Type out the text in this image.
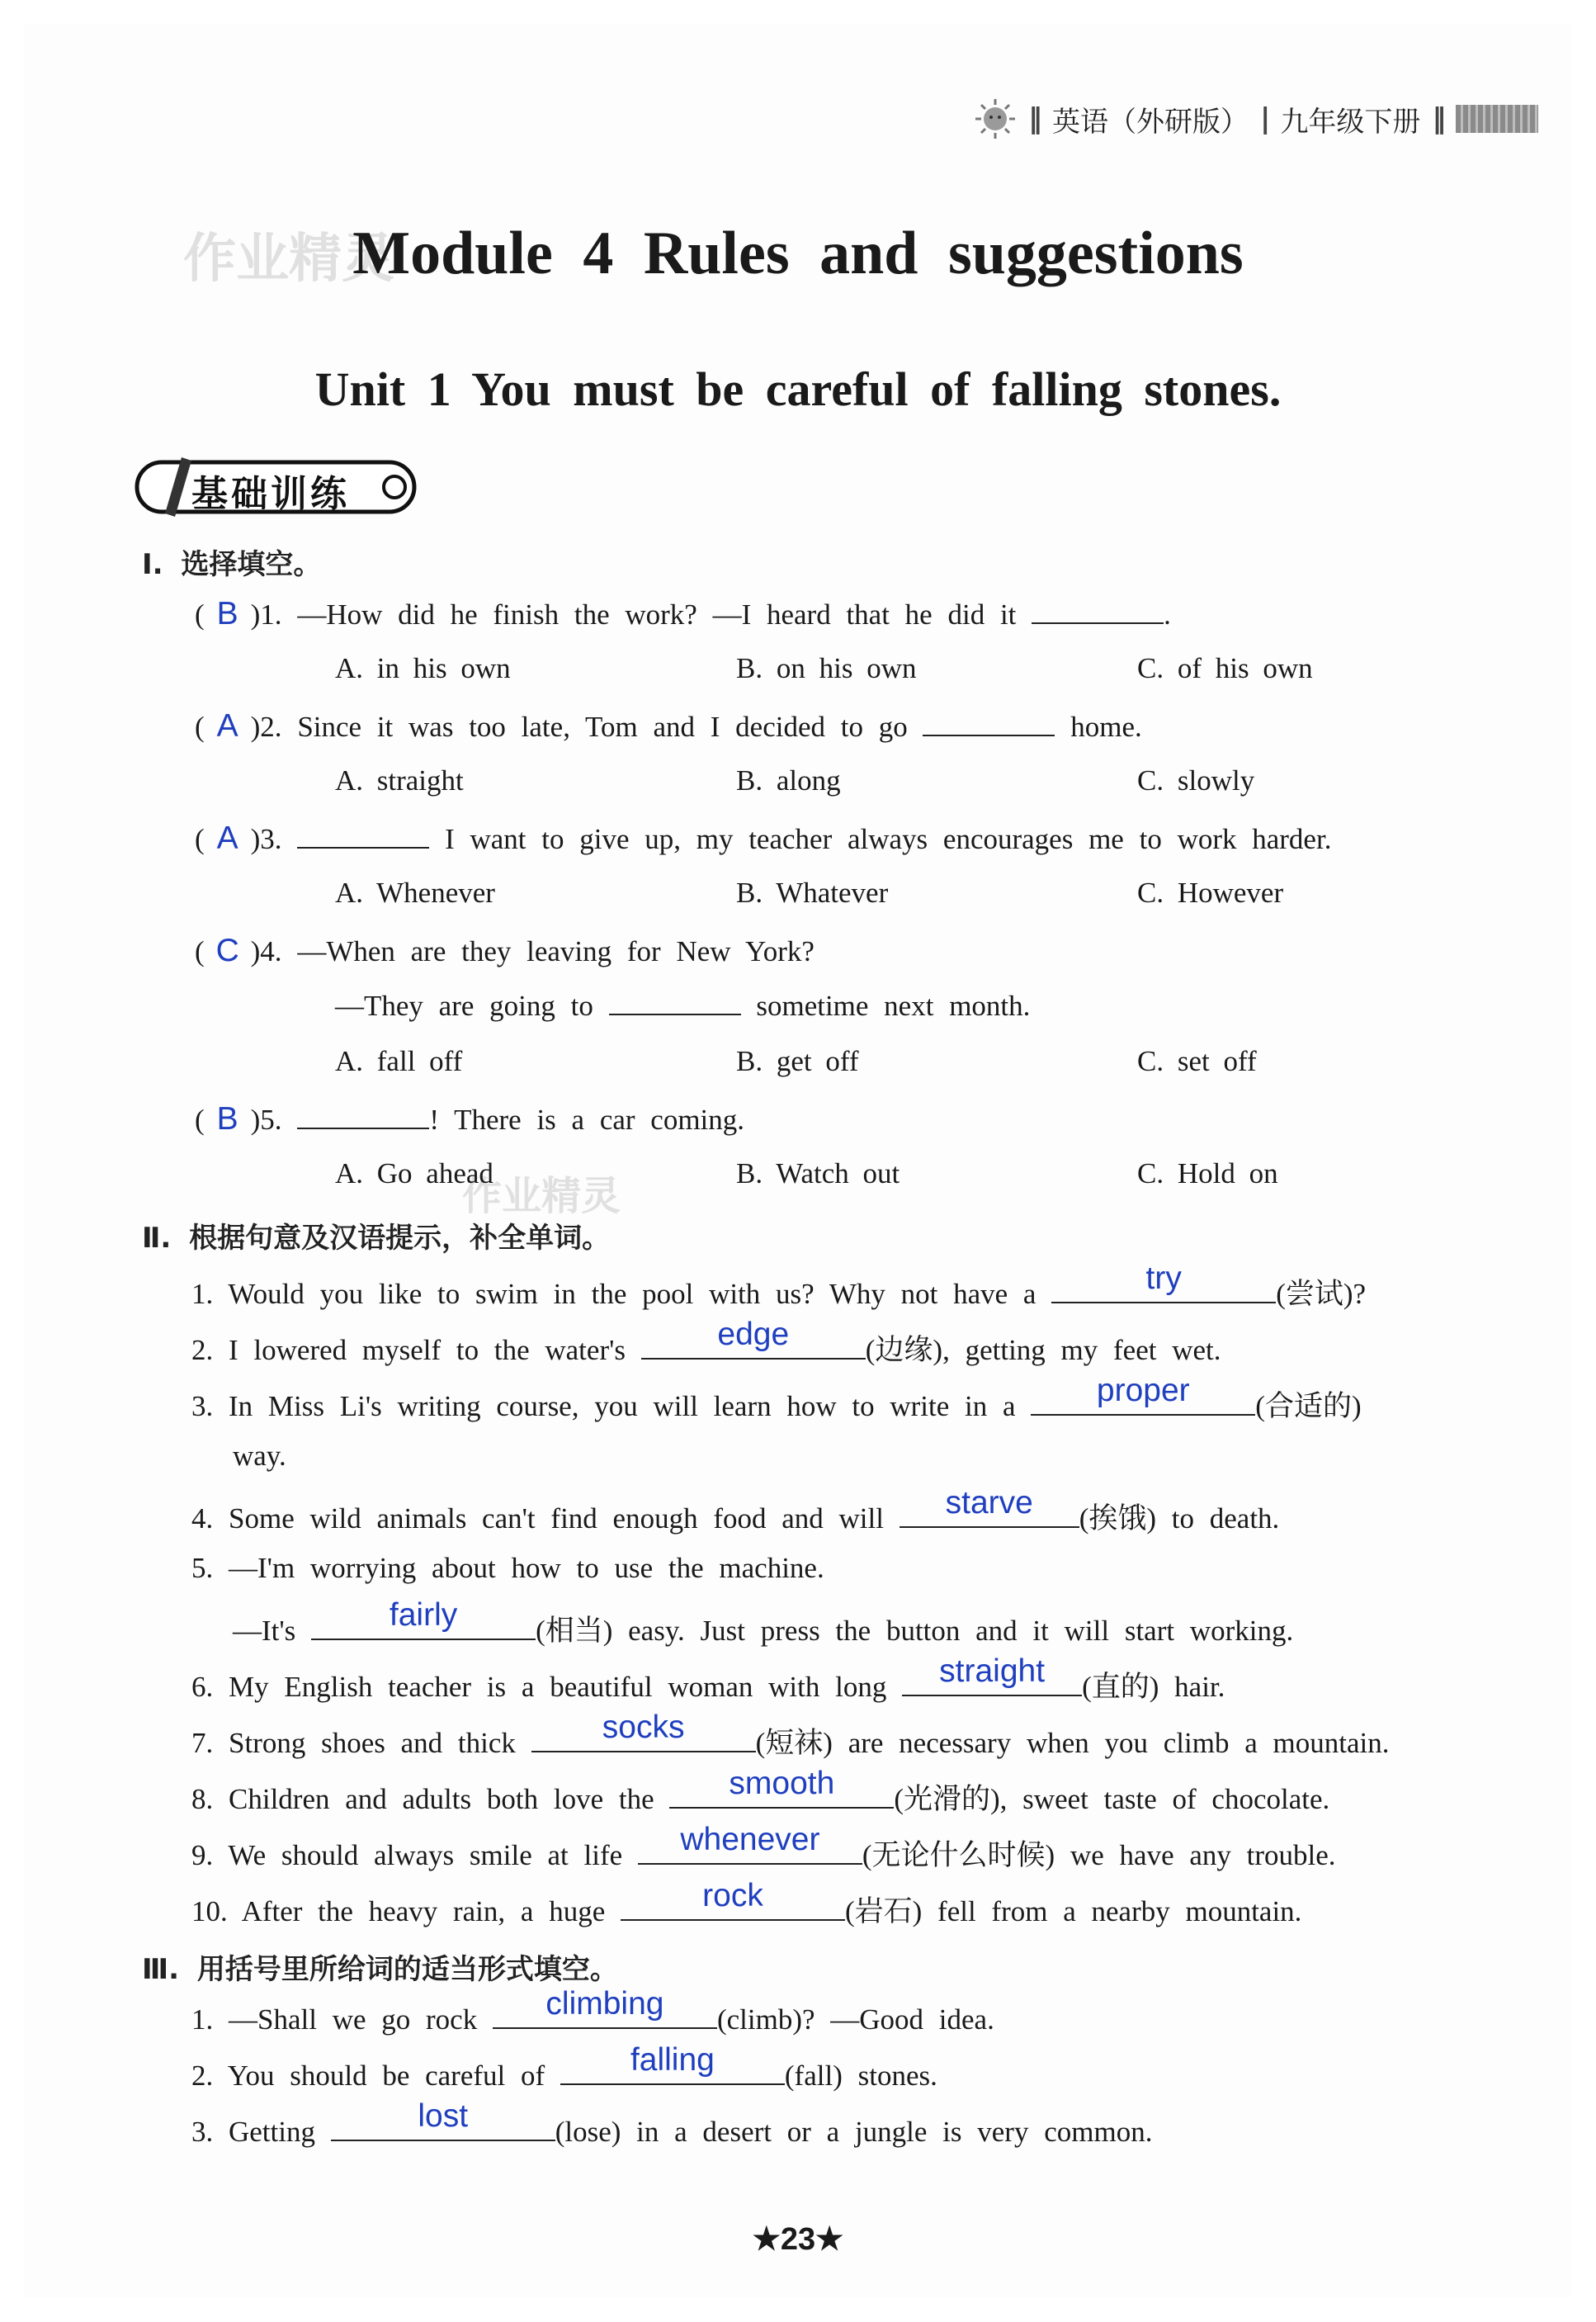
‖ 英语（外研版） | 九年级下册 ‖
作业精灵
作业精灵
Module 4 Rules and suggestions
Unit 1 You must be careful of falling stones.
基础训练
Ⅰ. 选择填空。
( B )1. —How did he finish the work? —I heard that he did it	.
A. in his own	B. on his own	C. of his own
( A )2. Since it was too late, Tom and I decided to go	home.
A. straight	B. along	C. slowly
( A )3.	I want to give up, my teacher always encourages me to work harder.
A. Whenever	B. Whatever	C. However
( C )4. —When are they leaving for New York?
—They are going to	sometime next month.
A. fall off	B. get off	C. set off
( B )5.	! There is a car coming.
A. Go ahead	B. Watch out	C. Hold on
Ⅱ. 根据句意及汉语提示，补全单词。
1. Would you like to swim in the pool with us? Why not have a	try	(尝试)?
2. I lowered myself to the water's	edge	(边缘), getting my feet wet.
3. In Miss Li's writing course, you will learn how to write in a	proper	(合适的)
way.
4. Some wild animals can't find enough food and will	starve	(挨饿) to death.
5. —I'm worrying about how to use the machine.
—It's	fairly	(相当) easy. Just press the button and it will start working.
6. My English teacher is a beautiful woman with long	straight	(直的) hair.
7. Strong shoes and thick	socks	(短袜) are necessary when you climb a mountain.
8. Children and adults both love the	smooth	(光滑的), sweet taste of chocolate.
9. We should always smile at life	whenever	(无论什么时候) we have any trouble.
10. After the heavy rain, a huge	rock	(岩石) fell from a nearby mountain.
Ⅲ. 用括号里所给词的适当形式填空。
1. —Shall we go rock	climbing	(climb)? —Good idea.
2. You should be careful of	falling	(fall) stones.
3. Getting	lost	(lose) in a desert or a jungle is very common.
★23★
